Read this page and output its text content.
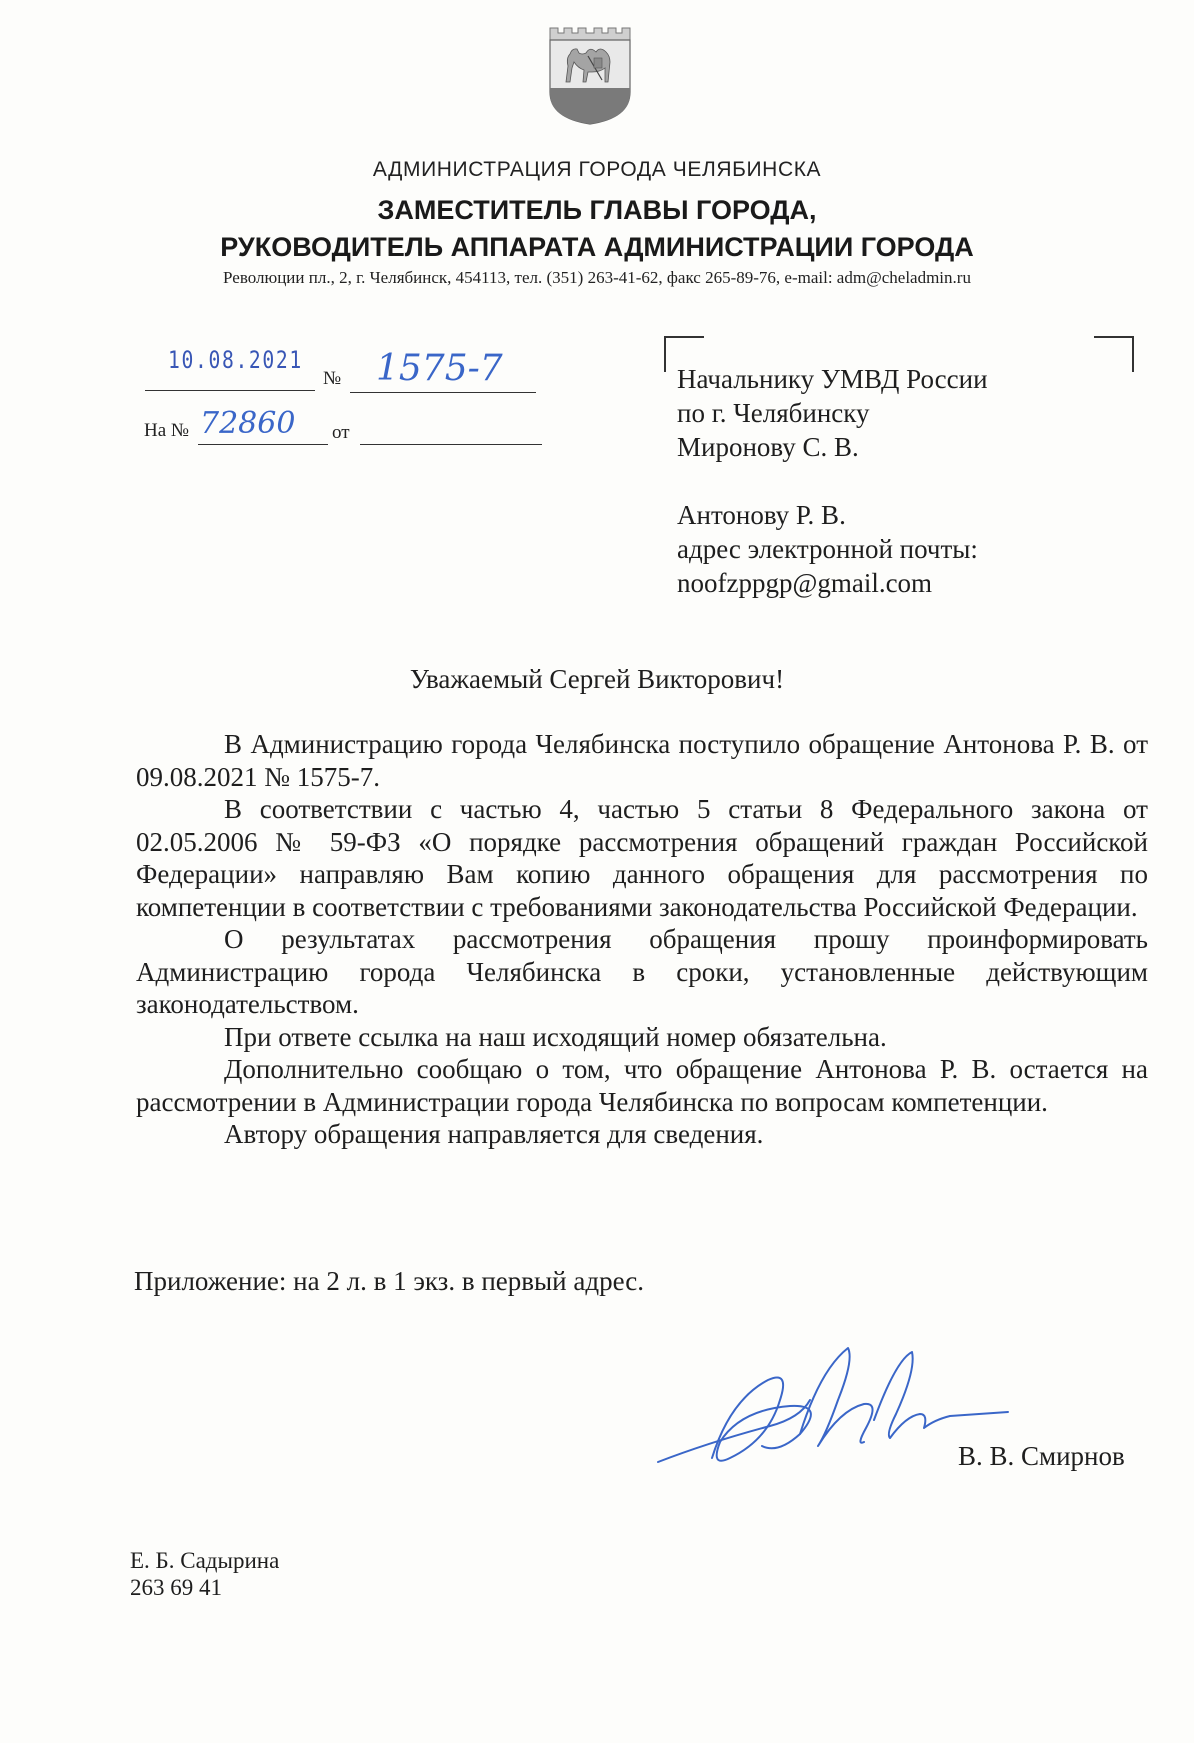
АДМИНИСТРАЦИЯ ГОРОДА ЧЕЛЯБИНСКА
ЗАМЕСТИТЕЛЬ ГЛАВЫ ГОРОДА,
РУКОВОДИТЕЛЬ АППАРАТА АДМИНИСТРАЦИИ ГОРОДА
Революции пл., 2, г. Челябинск, 454113, тел. (351) 263-41-62, факс 265-89-76, e-mail: adm@cheladmin.ru
10.08.2021
№ 1575-7
На № 72860 от
Начальнику УМВД России
по г. Челябинску
Миронову С. В.
Антонову Р. В.
адрес электронной почты:
noofzppgp@gmail.com
Уважаемый Сергей Викторович!

В Администрацию города Челябинска поступило обращение Антонова Р. В. от 09.08.2021 № 1575-7.

В соответствии с частью 4, частью 5 статьи 8 Федерального закона от 02.05.2006 № 59-ФЗ «О порядке рассмотрения обращений граждан Российской Федерации» направляю Вам копию данного обращения для рассмотрения по компетенции в соответствии с требованиями законодательства Российской Федерации.

О результатах рассмотрения обращения прошу проинформировать Администрацию города Челябинска в сроки, установленные действующим законодательством.

При ответе ссылка на наш исходящий номер обязательна.

Дополнительно сообщаю о том, что обращение Антонова Р. В. остается на рассмотрении в Администрации города Челябинска по вопросам компетенции.

Автору обращения направляется для сведения.

Приложение: на 2 л. в 1 экз. в первый адрес.
В. В. Смирнов
Е. Б. Садырина
263 69 41
